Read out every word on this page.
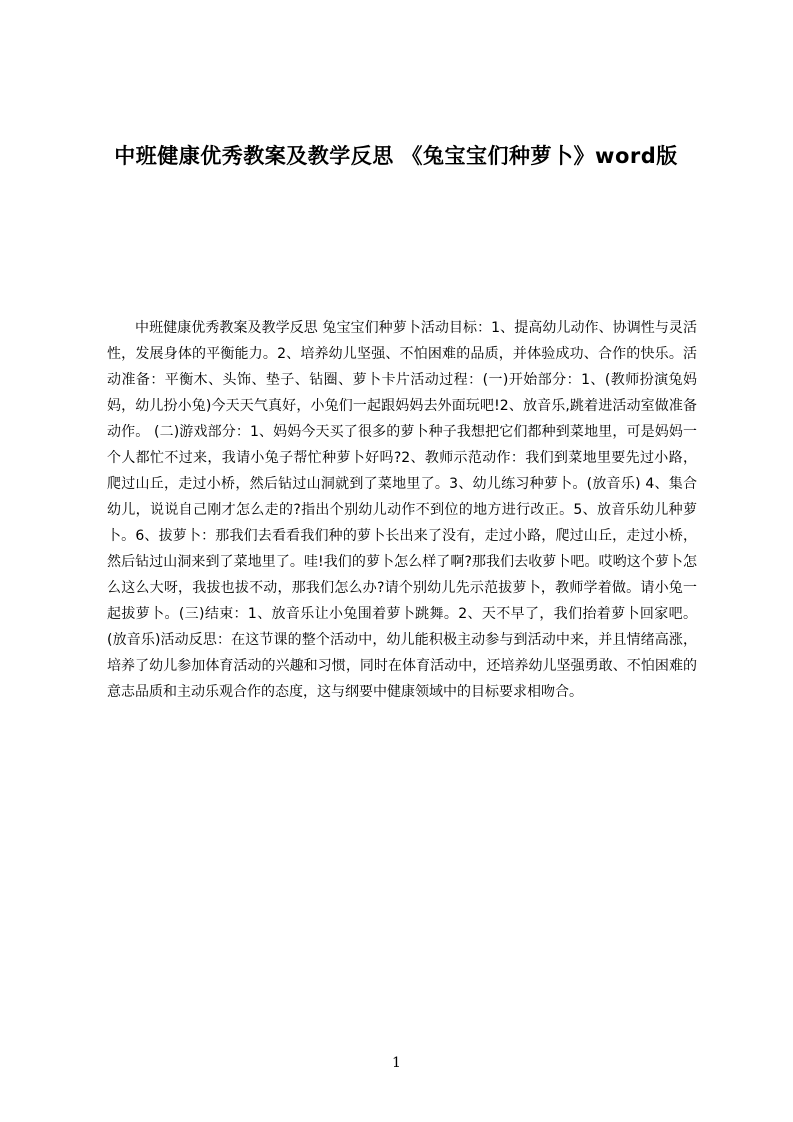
中班健康优秀教案及教学反思 《兔宝宝们种萝卜》word版

中班健康优秀教案及教学反思 兔宝宝们种萝卜活动目标：1、提高幼儿动作、协调性与灵活性，发展身体的平衡能力。2、培养幼儿坚强、不怕困难的品质，并体验成功、合作的快乐。活动准备：平衡木、头饰、垫子、钻圈、萝卜卡片活动过程：(一)开始部分：1、(教师扮演兔妈妈，幼儿扮小兔)今天天气真好，小兔们一起跟妈妈去外面玩吧!2、放音乐,跳着进活动室做准备动作。 (二)游戏部分：1、妈妈今天买了很多的萝卜种子我想把它们都种到菜地里，可是妈妈一个人都忙不过来，我请小兔子帮忙种萝卜好吗?2、教师示范动作：我们到菜地里要先过小路，爬过山丘，走过小桥，然后钻过山洞就到了菜地里了。3、幼儿练习种萝卜。(放音乐) 4、集合幼儿，说说自己刚才怎么走的?指出个别幼儿动作不到位的地方进行改正。5、放音乐幼儿种萝卜。6、拔萝卜：那我们去看看我们种的萝卜长出来了没有，走过小路，爬过山丘，走过小桥，然后钻过山洞来到了菜地里了。哇!我们的萝卜怎么样了啊?那我们去收萝卜吧。哎哟这个萝卜怎么这么大呀，我拔也拔不动，那我们怎么办?请个别幼儿先示范拔萝卜，教师学着做。请小兔一起拔萝卜。(三)结束：1、放音乐让小兔围着萝卜跳舞。2、天不早了，我们抬着萝卜回家吧。(放音乐)活动反思：在这节课的整个活动中，幼儿能积极主动参与到活动中来，并且情绪高涨，培养了幼儿参加体育活动的兴趣和习惯，同时在体育活动中，还培养幼儿坚强勇敢、不怕困难的意志品质和主动乐观合作的态度，这与纲要中健康领域中的目标要求相吻合。

1
